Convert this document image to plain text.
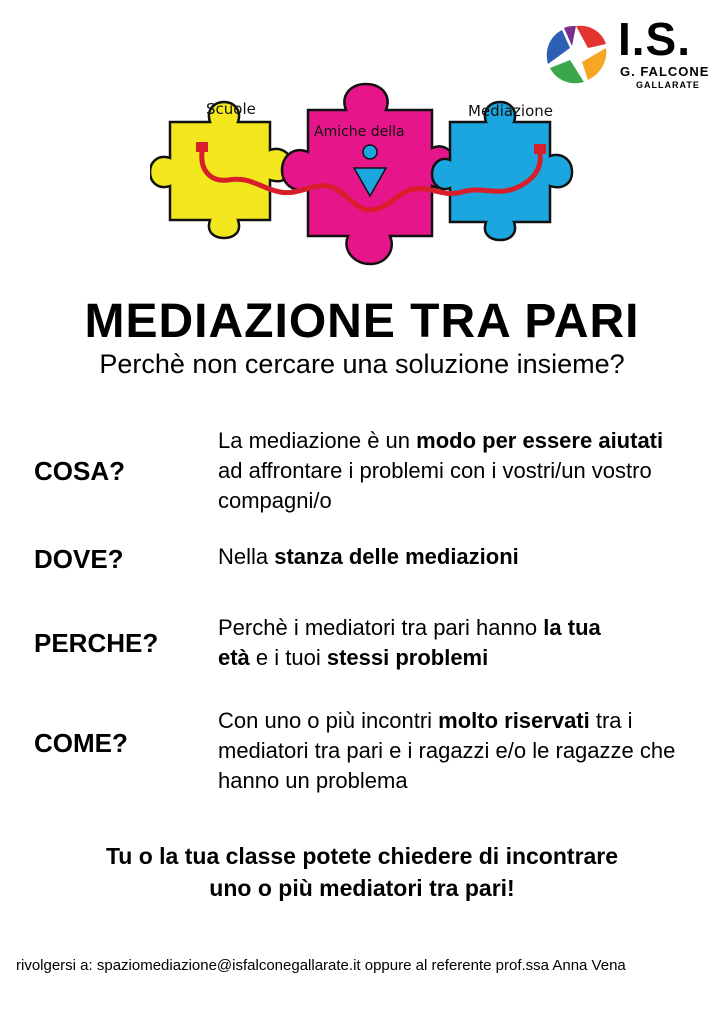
I.S.
G. FALCONE
GALLARATE
Scuole
Amiche della
Mediazione
MEDIAZIONE TRA PARI
Perchè non cercare una soluzione insieme?
COSA?
La mediazione è un modo per essere aiutati ad affrontare i problemi con i vostri/un vostro compagni/o
DOVE?	Nella stanza delle mediazioni
PERCHE?
Perchè i mediatori tra pari hanno la tua età e i tuoi stessi problemi
COME?
Con uno o più incontri molto riservati tra i mediatori tra pari e i ragazzi e/o le ragazze che hanno un problema
Tu o la tua classe potete chiedere di incontrare
uno o più mediatori tra pari!
rivolgersi a: spaziomediazione@isfalconegallarate.it oppure al referente prof.ssa Anna Vena
